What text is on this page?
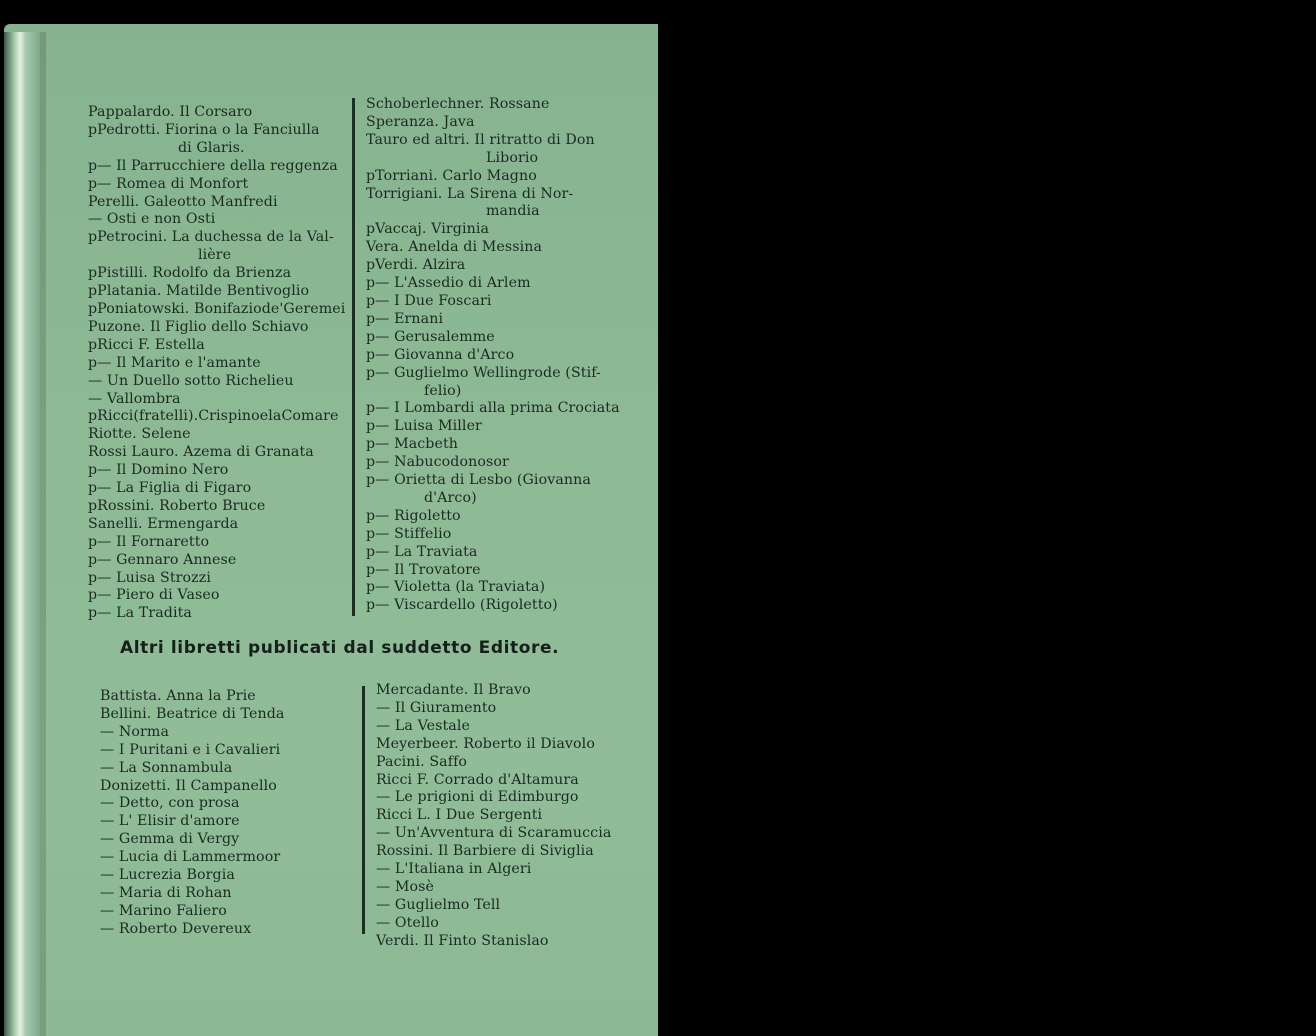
Pappalardo. Il Corsaro
pPedrotti. Fiorina o la Fanciulla
di Glaris.
p— Il Parrucchiere della reggenza
p— Romea di Monfort
Perelli. Galeotto Manfredi
— Osti e non Osti
pPetrocini. La duchessa de la Val-
lière
pPistilli. Rodolfo da Brienza
pPlatania. Matilde Bentivoglio
pPoniatowski. Bonifaziode'Geremei
Puzone. Il Figlio dello Schiavo
pRicci F. Estella
p— Il Marito e l'amante
— Un Duello sotto Richelieu
— Vallombra
pRicci(fratelli).CrispinoelaComare
Riotte. Selene
Rossi Lauro. Azema di Granata
p— Il Domino Nero
p— La Figlia di Figaro
pRossini. Roberto Bruce
Sanelli. Ermengarda
p— Il Fornaretto
p— Gennaro Annese
p— Luisa Strozzi
p— Piero di Vaseo
p— La Tradita
Schoberlechner. Rossane
Speranza. Java
Tauro ed altri. Il ritratto di Don
Liborio
pTorriani. Carlo Magno
Torrigiani. La Sirena di Nor-
mandia
pVaccaj. Virginia
Vera. Anelda di Messina
pVerdi. Alzira
p— L'Assedio di Arlem
p— I Due Foscari
p— Ernani
p— Gerusalemme
p— Giovanna d'Arco
p— Guglielmo Wellingrode (Stif-
felio)
p— I Lombardi alla prima Crociata
p— Luisa Miller
p— Macbeth
p— Nabucodonosor
p— Orietta di Lesbo (Giovanna
d'Arco)
p— Rigoletto
p— Stiffelio
p— La Traviata
p— Il Trovatore
p— Violetta (la Traviata)
p— Viscardello (Rigoletto)
Altri libretti publicati dal suddetto Editore.
Battista. Anna la Prie
Bellini. Beatrice di Tenda
— Norma
— I Puritani e i Cavalieri
— La Sonnambula
Donizetti. Il Campanello
— Detto, con prosa
— L' Elisir d'amore
— Gemma di Vergy
— Lucia di Lammermoor
— Lucrezia Borgia
— Maria di Rohan
— Marino Faliero
— Roberto Devereux
Mercadante. Il Bravo
— Il Giuramento
— La Vestale
Meyerbeer. Roberto il Diavolo
Pacini. Saffo
Ricci F. Corrado d'Altamura
— Le prigioni di Edimburgo
Ricci L. I Due Sergenti
— Un'Avventura di Scaramuccia
Rossini. Il Barbiere di Siviglia
— L'Italiana in Algeri
— Mosè
— Guglielmo Tell
— Otello
Verdi. Il Finto Stanislao
